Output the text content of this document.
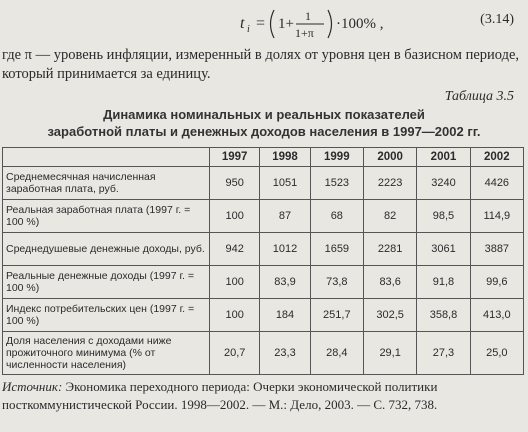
t i = 1+ 1
1+π
·100% ,	(3.14)

где π — уровень инфляции, измеренный в долях от уровня цен в базисном периоде, который принимается за единицу.

Таблица 3.5
Динамика номинальных и реальных показателей
заработной платы и денежных доходов населения в 1997—2002 гг.
	1997	1998	1999	2000	2001	2002
Среднемесячная начисленная заработная плата, руб.	950	1051	1523	2223	3240	4426
Реальная заработная плата (1997 г. = 100 %)	100	87	68	82	98,5	114,9
Среднедушевые денежные доходы, руб.	942	1012	1659	2281	3061	3887
Реальные денежные доходы (1997 г. = 100 %)	100	83,9	73,8	83,6	91,8	99,6
Индекс потребительских цен (1997 г. = 100 %)	100	184	251,7	302,5	358,8	413,0
Доля населения с доходами ниже прожиточного минимума (% от численности населения)	20,7	23,3	28,4	29,1	27,3	25,0

Источник: Экономика переходного периода: Очерки экономической политики посткоммунистической России. 1998—2002. — М.: Дело, 2003. — С. 732, 738.
